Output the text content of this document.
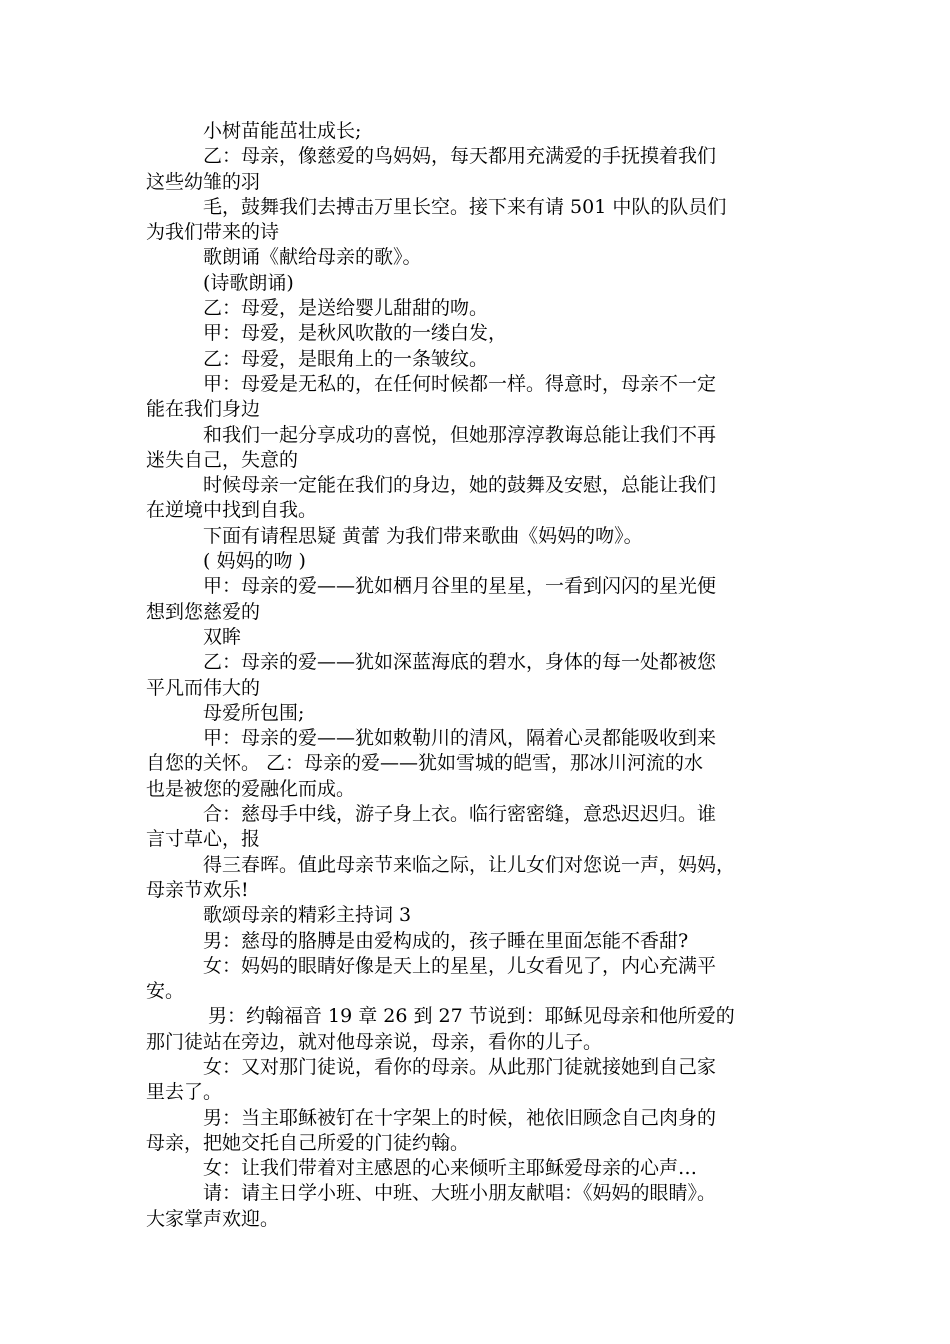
小树苗能茁壮成长;
乙：母亲，像慈爱的鸟妈妈，每天都用充满爱的手抚摸着我们
这些幼雏的羽
毛，鼓舞我们去搏击万里长空。接下来有请 501 中队的队员们
为我们带来的诗
歌朗诵《献给母亲的歌》。
(诗歌朗诵)
乙：母爱，是送给婴儿甜甜的吻。
甲：母爱，是秋风吹散的一缕白发，
乙：母爱，是眼角上的一条皱纹。
甲：母爱是无私的，在任何时候都一样。得意时，母亲不一定
能在我们身边
和我们一起分享成功的喜悦，但她那淳淳教诲总能让我们不再
迷失自己，失意的
时候母亲一定能在我们的身边，她的鼓舞及安慰，总能让我们
在逆境中找到自我。
下面有请程思疑 黄蕾 为我们带来歌曲《妈妈的吻》。
( 妈妈的吻 )
甲：母亲的爱——犹如栖月谷里的星星，一看到闪闪的星光便
想到您慈爱的
双眸
乙：母亲的爱——犹如深蓝海底的碧水，身体的每一处都被您
平凡而伟大的
母爱所包围;
甲：母亲的爱——犹如敕勒川的清风，隔着心灵都能吸收到来
自您的关怀。 乙：母亲的爱——犹如雪城的皑雪，那冰川河流的水
也是被您的爱融化而成。
合：慈母手中线，游子身上衣。临行密密缝，意恐迟迟归。谁
言寸草心，报
得三春晖。值此母亲节来临之际，让儿女们对您说一声，妈妈，
母亲节欢乐!
歌颂母亲的精彩主持词 3
男：慈母的胳膊是由爱构成的，孩子睡在里面怎能不香甜?
女：妈妈的眼睛好像是天上的星星，儿女看见了，内心充满平
安。
男：约翰福音 19 章 26 到 27 节说到：耶稣见母亲和他所爱的
那门徒站在旁边，就对他母亲说，母亲，看你的儿子。
女：又对那门徒说，看你的母亲。从此那门徒就接她到自己家
里去了。
男：当主耶稣被钉在十字架上的时候，祂依旧顾念自己肉身的
母亲，把她交托自己所爱的门徒约翰。
女：让我们带着对主感恩的心来倾听主耶稣爱母亲的心声…
请：请主日学小班、中班、大班小朋友献唱：《妈妈的眼睛》。
大家掌声欢迎。
